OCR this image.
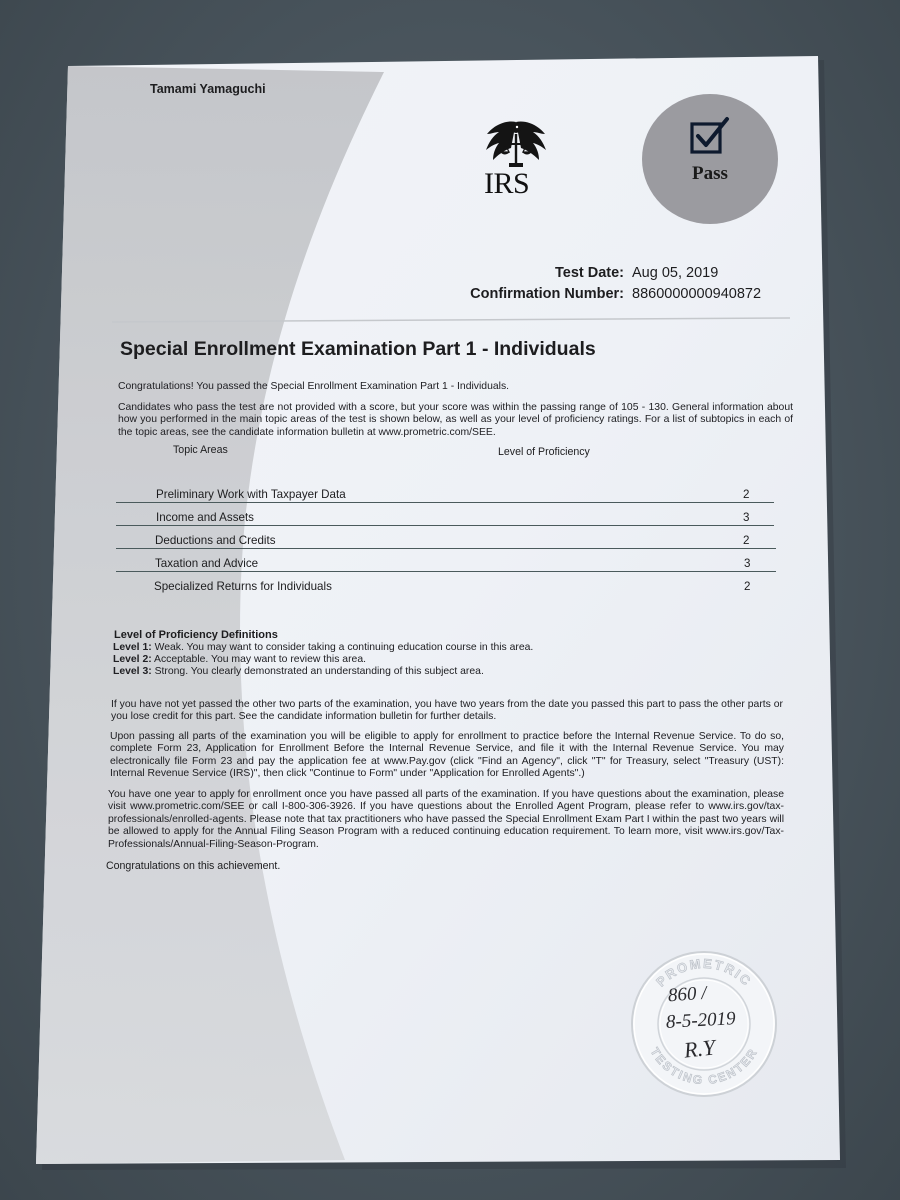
Tamami Yamaguchi
IRS	Pass
Test Date: Aug 05, 2019
Confirmation Number: 8860000000940872
Special Enrollment Examination Part 1 - Individuals
Congratulations! You passed the Special Enrollment Examination Part 1 - Individuals.
Candidates who pass the test are not provided with a score, but your score was within the passing range of 105 - 130. General information about how you performed in the main topic areas of the test is shown below, as well as your level of proficiency ratings. For a list of subtopics in each of the topic areas, see the candidate information bulletin at www.prometric.com/SEE.
Topic Areas	Level of Proficiency
Preliminary Work with Taxpayer Data	2
Income and Assets	3
Deductions and Credits	2
Taxation and Advice	3
Specialized Returns for Individuals	2
Level of Proficiency Definitions
Level 1: Weak. You may want to consider taking a continuing education course in this area.
Level 2: Acceptable. You may want to review this area.
Level 3: Strong. You clearly demonstrated an understanding of this subject area.
If you have not yet passed the other two parts of the examination, you have two years from the date you passed this part to pass the other parts or you lose credit for this part. See the candidate information bulletin for further details.
Upon passing all parts of the examination you will be eligible to apply for enrollment to practice before the Internal Revenue Service. To do so, complete Form 23, Application for Enrollment Before the Internal Revenue Service, and file it with the Internal Revenue Service. You may electronically file Form 23 and pay the application fee at www.Pay.gov (click "Find an Agency", click "T" for Treasury, select "Treasury (UST): Internal Revenue Service (IRS)", then click "Continue to Form" under "Application for Enrolled Agents".)
You have one year to apply for enrollment once you have passed all parts of the examination. If you have questions about the examination, please visit www.prometric.com/SEE or call I-800-306-3926. If you have questions about the Enrolled Agent Program, please refer to www.irs.gov/tax-professionals/enrolled-agents. Please note that tax practitioners who have passed the Special Enrollment Exam Part I within the past two years will be allowed to apply for the Annual Filing Season Program with a reduced continuing education requirement. To learn more, visit www.irs.gov/Tax-Professionals/Annual-Filing-Season-Program.
Congratulations on this achievement.
PROMETRIC
TESTING CENTER
860 /
8-5-2019
R.Y
